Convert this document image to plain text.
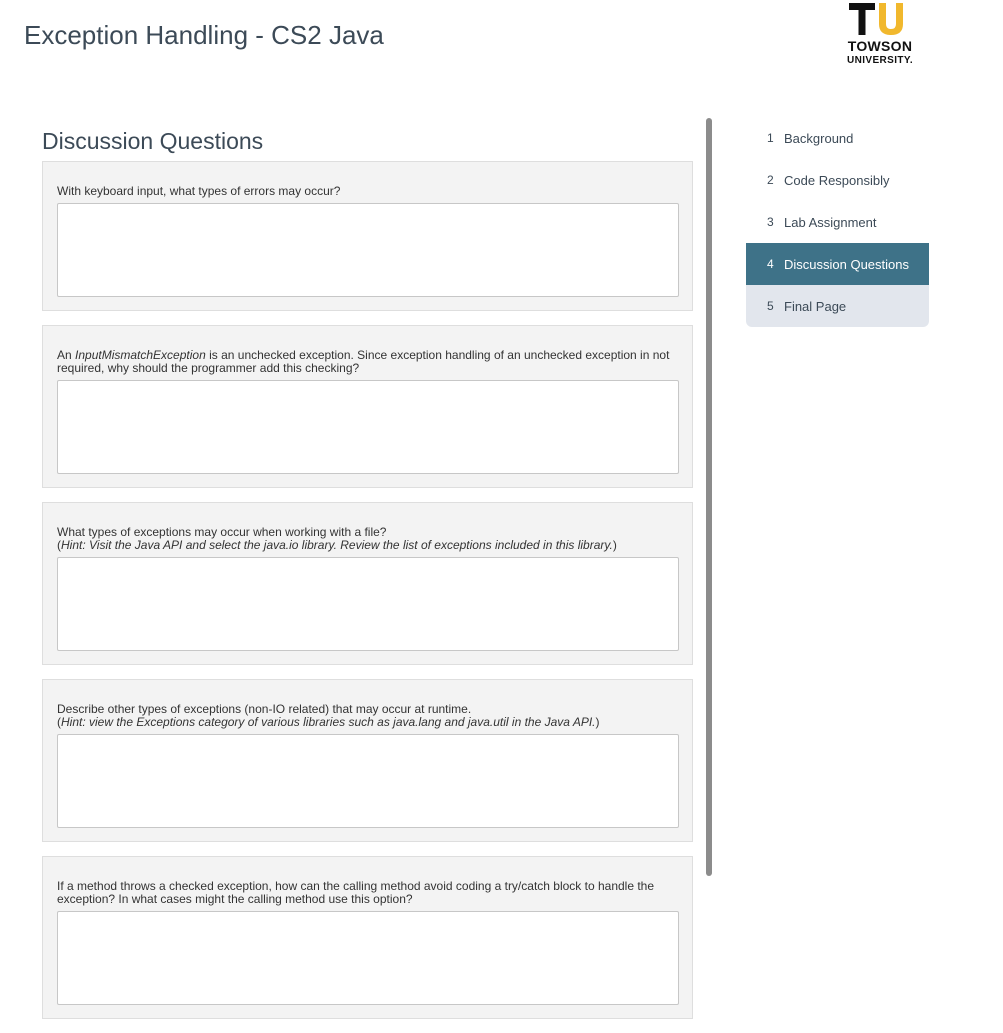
Exception Handling - CS2 Java	TOWSON
UNIVERSITY.
Discussion Questions
With keyboard input, what types of errors may occur?
An InputMismatchException is an unchecked exception. Since exception handling of an unchecked exception in not required, why should the programmer add this checking?
What types of exceptions may occur when working with a file?
(Hint: Visit the Java API and select the java.io library. Review the list of exceptions included in this library.)
Describe other types of exceptions (non-IO related) that may occur at runtime.
(Hint: view the Exceptions category of various libraries such as java.lang and java.util in the Java API.)
If a method throws a checked exception, how can the calling method avoid coding a try/catch block to handle the exception? In what cases might the calling method use this option?
1 Background
2 Code Responsibly
3 Lab Assignment
4 Discussion Questions
5 Final Page
